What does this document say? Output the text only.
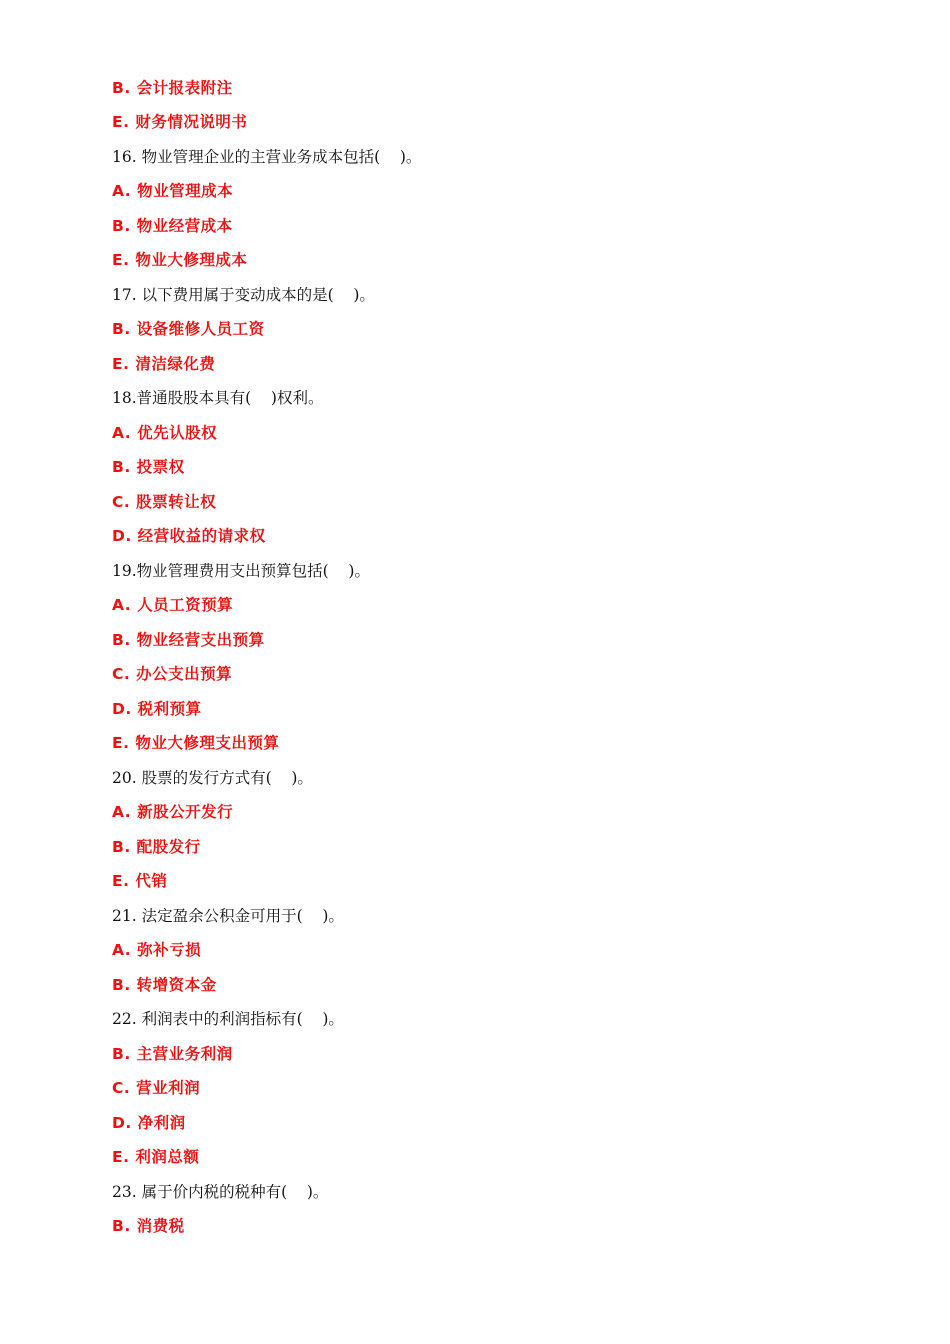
B. 会计报表附注
E. 财务情况说明书
16. 物业管理企业的主营业务成本包括(    )。
A. 物业管理成本
B. 物业经营成本
E. 物业大修理成本
17. 以下费用属于变动成本的是(    )。
B. 设备维修人员工资
E. 清洁绿化费
18.普通股股本具有(    )权利。
A. 优先认股权
B. 投票权
C. 股票转让权
D. 经营收益的请求权
19.物业管理费用支出预算包括(    )。
A. 人员工资预算
B. 物业经营支出预算
C. 办公支出预算
D. 税利预算
E. 物业大修理支出预算
20. 股票的发行方式有(    )。
A. 新股公开发行
B. 配股发行
E. 代销
21. 法定盈余公积金可用于(    )。
A. 弥补亏损
B. 转增资本金
22. 利润表中的利润指标有(    )。
B. 主营业务利润
C. 营业利润
D. 净利润
E. 利润总额
23. 属于价内税的税种有(    )。
B. 消费税
